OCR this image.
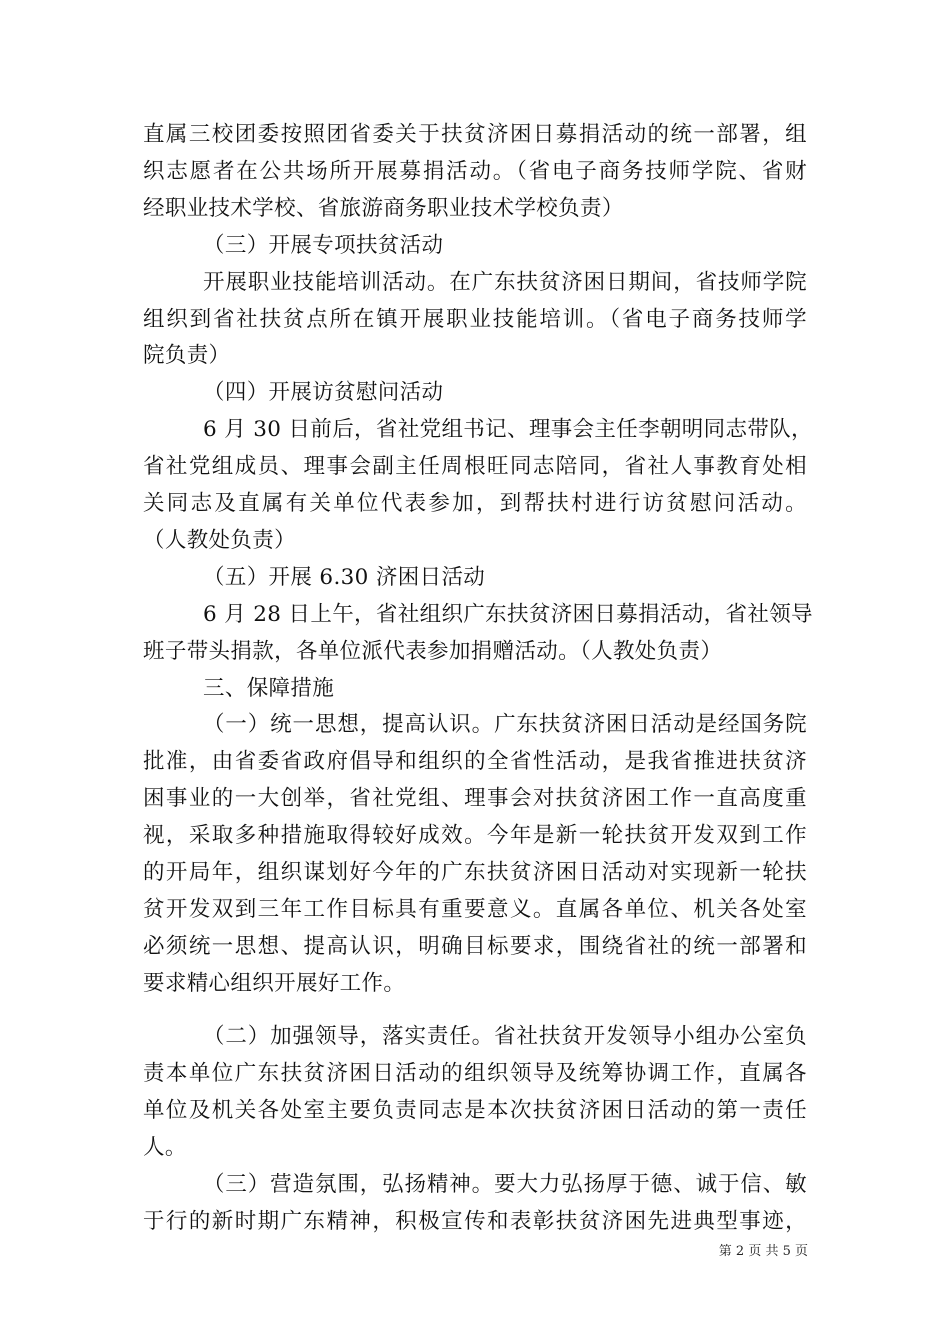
直属三校团委按照团省委关于扶贫济困日募捐活动的统一部署，组
织志愿者在公共场所开展募捐活动。（省电子商务技师学院、省财
经职业技术学校、省旅游商务职业技术学校负责）
（三）开展专项扶贫活动
开展职业技能培训活动。在广东扶贫济困日期间，省技师学院
组织到省社扶贫点所在镇开展职业技能培训。（省电子商务技师学
院负责）
（四）开展访贫慰问活动
6 月 30 日前后，省社党组书记、理事会主任李朝明同志带队，
省社党组成员、理事会副主任周根旺同志陪同，省社人事教育处相
关同志及直属有关单位代表参加，到帮扶村进行访贫慰问活动。
（人教处负责）
（五）开展 6.30 济困日活动
6 月 28 日上午，省社组织广东扶贫济困日募捐活动，省社领导
班子带头捐款，各单位派代表参加捐赠活动。（人教处负责）
三、保障措施
（一）统一思想，提高认识。广东扶贫济困日活动是经国务院
批准，由省委省政府倡导和组织的全省性活动，是我省推进扶贫济
困事业的一大创举，省社党组、理事会对扶贫济困工作一直高度重
视，采取多种措施取得较好成效。今年是新一轮扶贫开发双到工作
的开局年，组织谋划好今年的广东扶贫济困日活动对实现新一轮扶
贫开发双到三年工作目标具有重要意义。直属各单位、机关各处室
必须统一思想、提高认识，明确目标要求，围绕省社的统一部署和
要求精心组织开展好工作。
（二）加强领导，落实责任。省社扶贫开发领导小组办公室负
责本单位广东扶贫济困日活动的组织领导及统筹协调工作，直属各
单位及机关各处室主要负责同志是本次扶贫济困日活动的第一责任
人。
（三）营造氛围，弘扬精神。要大力弘扬厚于德、诚于信、敏
于行的新时期广东精神，积极宣传和表彰扶贫济困先进典型事迹，
第 2 页 共 5 页
